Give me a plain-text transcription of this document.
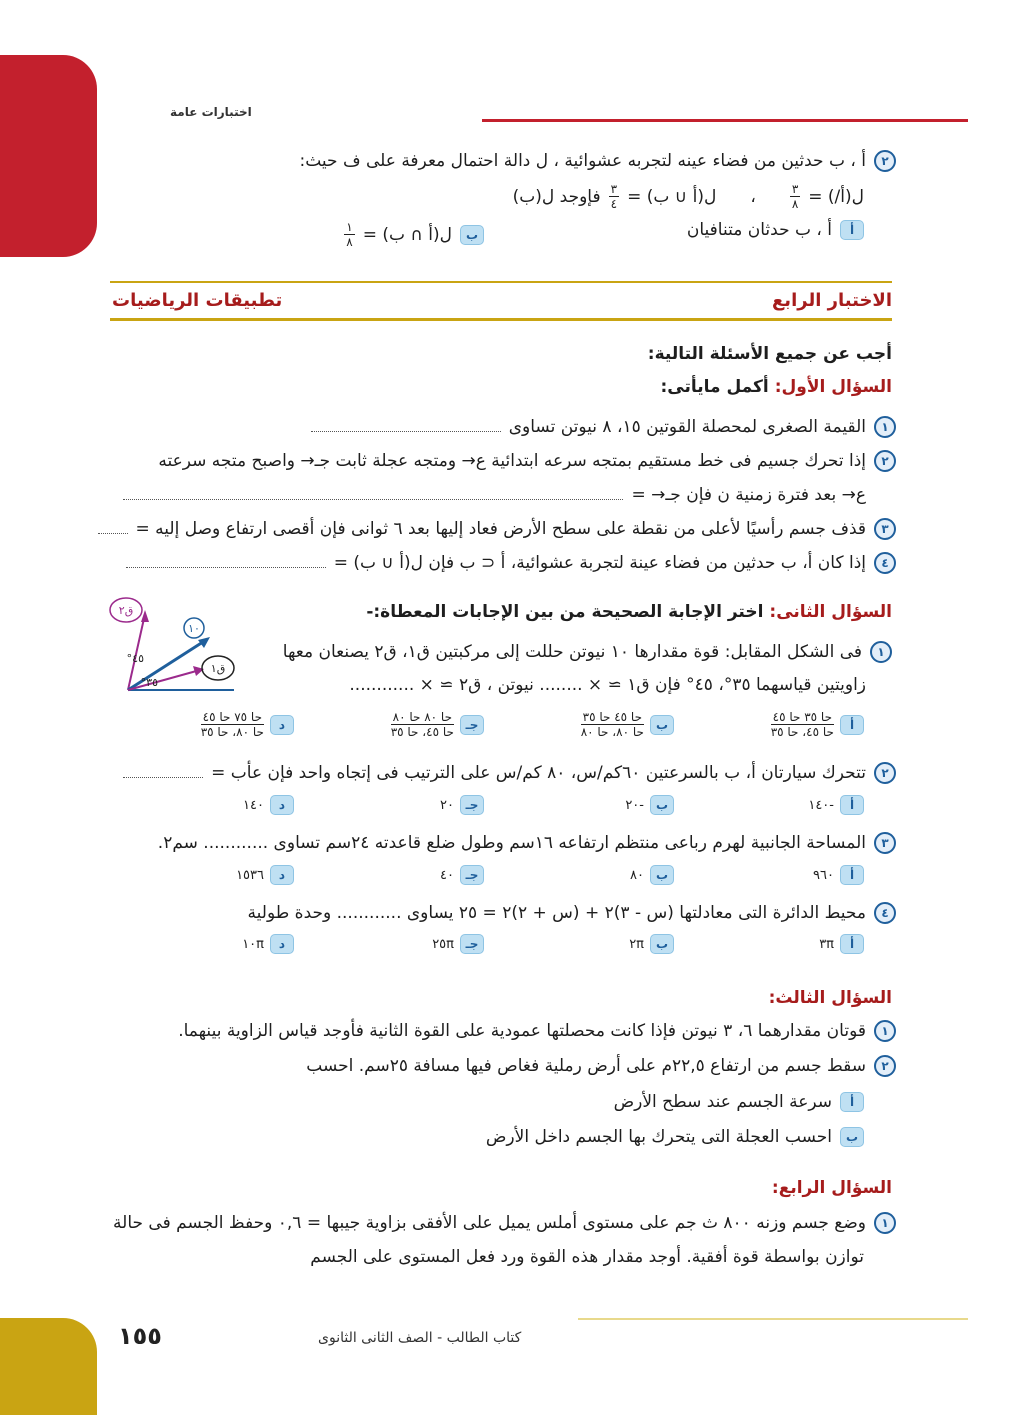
اختبارات عامة
٢
أ ، ب حدثين من فضاء عينه لتجربه عشوائية ، ل دالة احتمال معرفة على ف حيث:
ل(أ/) =
$\frac{٣}{٨}$
،
ل(أ ∪ ب) =
$\frac{٣}{٤}$
فإوجد ل(ب)
أ
أ ، ب حدثان متنافيان
ب
ل(أ ∩ ب) =
$\frac{١}{٨}$
الاختبار الرابع
تطبيقات الرياضيات
أجب عن جميع الأسئلة التالية:
السؤال الأول:
أكمل مايأتى:
١
القيمة الصغرى لمحصلة القوتين ١٥، ٨ نيوتن تساوى
٢
إذا تحرك جسيم فى خط مستقيم بمتجه سرعه ابتدائية ع→ ومتجه عجلة ثابت جـ→ واصبح متجه سرعته
ع→ بعد فترة زمنية ن فإن جـ→ =
٣
قذف جسم رأسيًا لأعلى من نقطة على سطح الأرض فعاد إليها بعد ٦ ثوانى فإن أقصى ارتفاع وصل إليه =
٤
إذا كان أ، ب حدثين من فضاء عينة لتجربة عشوائية، أ ⊂ ب فإن ل(أ ∪ ب) =
السؤال الثانى:
اختر الإجابة الصحيحة من بين الإجابات المعطاة:-
١٠
ق٢
ق١
٤٥°
٣٥°
١
فى الشكل المقابل: قوة مقدارها ١٠ نيوتن حللت إلى مركبتين ق١، ق٢ يصنعان معها
زاويتين قياسهما ٣٥°، ٤٥° فإن ق١ ≃ × ........ نيوتن ، ق٢ ≃ × ............
أ
$\frac{\text{حا ٣٥ حا ٤٥}}{\text{حا ٤٥، حا ٣٥}}$
ب
$\frac{\text{حا ٤٥ حا ٣٥}}{\text{حا ٨٠، حا ٨٠}}$
جـ
$\frac{\text{حا ٨٠ حا ٨٠}}{\text{حا ٤٥، حا ٣٥}}$
د
$\frac{\text{حا ٧٥ حا ٤٥}}{\text{حا ٨٠، حا ٣٥}}$
٢
تتحرك سيارتان أ، ب بالسرعتين ٦٠كم/س، ٨٠ كم/س على الترتيب فى إتجاه واحد فإن عأب =
أ
-١٤٠
ب
-٢٠
جـ
٢٠
د
١٤٠
٣
المساحة الجانبية لهرم رباعى منتظم ارتفاعه ١٦سم وطول ضلع قاعدته ٢٤سم تساوى ............ سم٢.
أ
٩٦٠
ب
٨٠
جـ
٤٠
د
١٥٣٦
٤
محيط الدائرة التى معادلتها (س - ٣)٢ + (س + ٢)٢ = ٢٥ يساوى ............ وحدة طولية
أ
٣π
ب
٢π
جـ
٢٥π
د
١٠π
السؤال الثالث:
١
قوتان مقدارهما ٦، ٣ نيوتن فإذا كانت محصلتها عمودية على القوة الثانية فأوجد قياس الزاوية بينهما.
٢
سقط جسم من ارتفاع ٢٢,٥م على أرض رملية فغاص فيها مسافة ٢٥سم. احسب
أ
سرعة الجسم عند سطح الأرض
ب
احسب العجلة التى يتحرك بها الجسم داخل الأرض
السؤال الرابع:
١
وضع جسم وزنه ٨٠٠ ث جم على مستوى أملس يميل على الأفقى بزاوية جيبها = ٠,٦ وحفظ الجسم فى حالة
توازن بواسطة قوة أفقية. أوجد مقدار هذه القوة ورد فعل المستوى على الجسم
كتاب الطالب - الصف الثانى الثانوى
١٥٥
